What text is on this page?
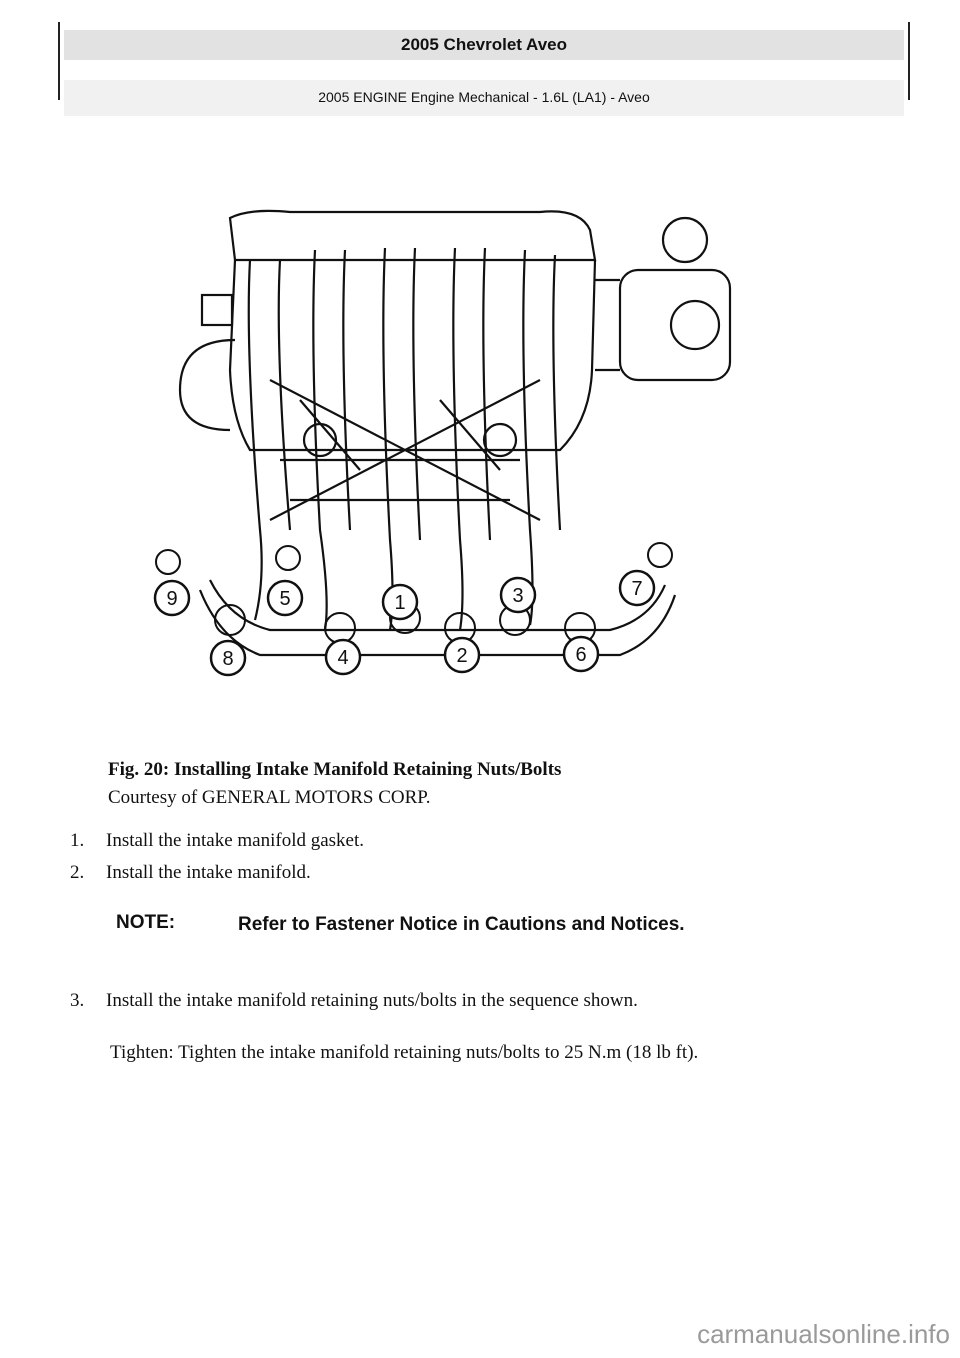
2005 Chevrolet Aveo
2005 ENGINE Engine Mechanical - 1.6L (LA1) - Aveo
1
2
3
4
5
6
7
8
9
Fig. 20: Installing Intake Manifold Retaining Nuts/Bolts
Courtesy of GENERAL MOTORS CORP.
1. Install the intake manifold gasket.
2. Install the intake manifold.
NOTE:	Refer to Fastener Notice in Cautions and Notices.
3. Install the intake manifold retaining nuts/bolts in the sequence shown.
Tighten: Tighten the intake manifold retaining nuts/bolts to 25 N.m (18 lb ft).
carmanualsonline.info
